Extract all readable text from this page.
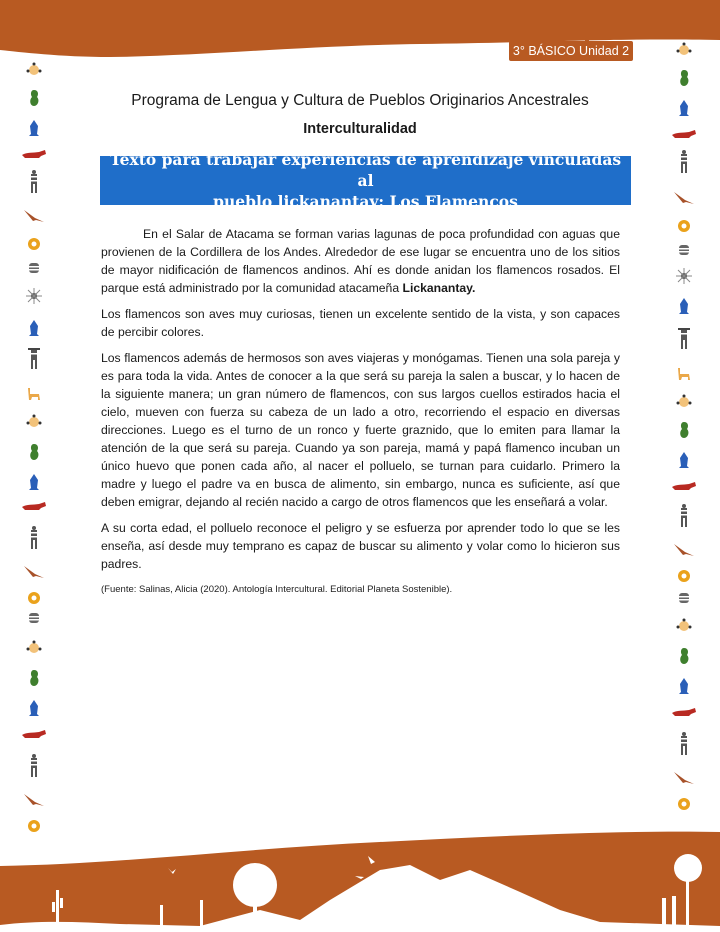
3° BÁSICO Unidad 2
Programa de Lengua y Cultura de Pueblos Originarios Ancestrales
Interculturalidad
Texto para trabajar experiencias de aprendizaje vinculadas al
pueblo lickanantay: Los Flamencos

En el Salar de Atacama se forman varias lagunas de poca profundidad con aguas que provienen de la Cordillera de los Andes. Alrededor de ese lugar se encuentra uno de los sitios de mayor nidificación de flamencos andinos. Ahí es donde anidan los flamencos rosados. El parque está administrado por la comunidad atacameña Lickanantay.

Los flamencos son aves muy curiosas, tienen un excelente sentido de la vista, y son capaces de percibir colores.

Los flamencos además de hermosos son aves viajeras y monógamas. Tienen una sola pareja y es para toda la vida. Antes de conocer a la que será su pareja la salen a buscar, y lo hacen de la siguiente manera; un gran número de flamencos, con sus largos cuellos estirados hacia el cielo, mueven con fuerza su cabeza de un lado a otro, recorriendo el espacio en diversas direcciones. Luego es el turno de un ronco y fuerte graznido, que lo emiten para llamar la atención de la que será su pareja. Cuando ya son pareja, mamá y papá flamenco incuban un único huevo que ponen cada año, al nacer el polluelo, se turnan para cuidarlo. Primero la madre y luego el padre va en busca de alimento, sin embargo, nunca es suficiente, así que deben emigrar, dejando al recién nacido a cargo de otros flamencos que les enseñará a volar.

A su corta edad, el polluelo reconoce el peligro y se esfuerza por aprender todo lo que se les enseña, así desde muy temprano es capaz de buscar su alimento y volar como lo hicieron sus padres.

(Fuente: Salinas, Alicia (2020). Antología Intercultural. Editorial Planeta Sostenible).
